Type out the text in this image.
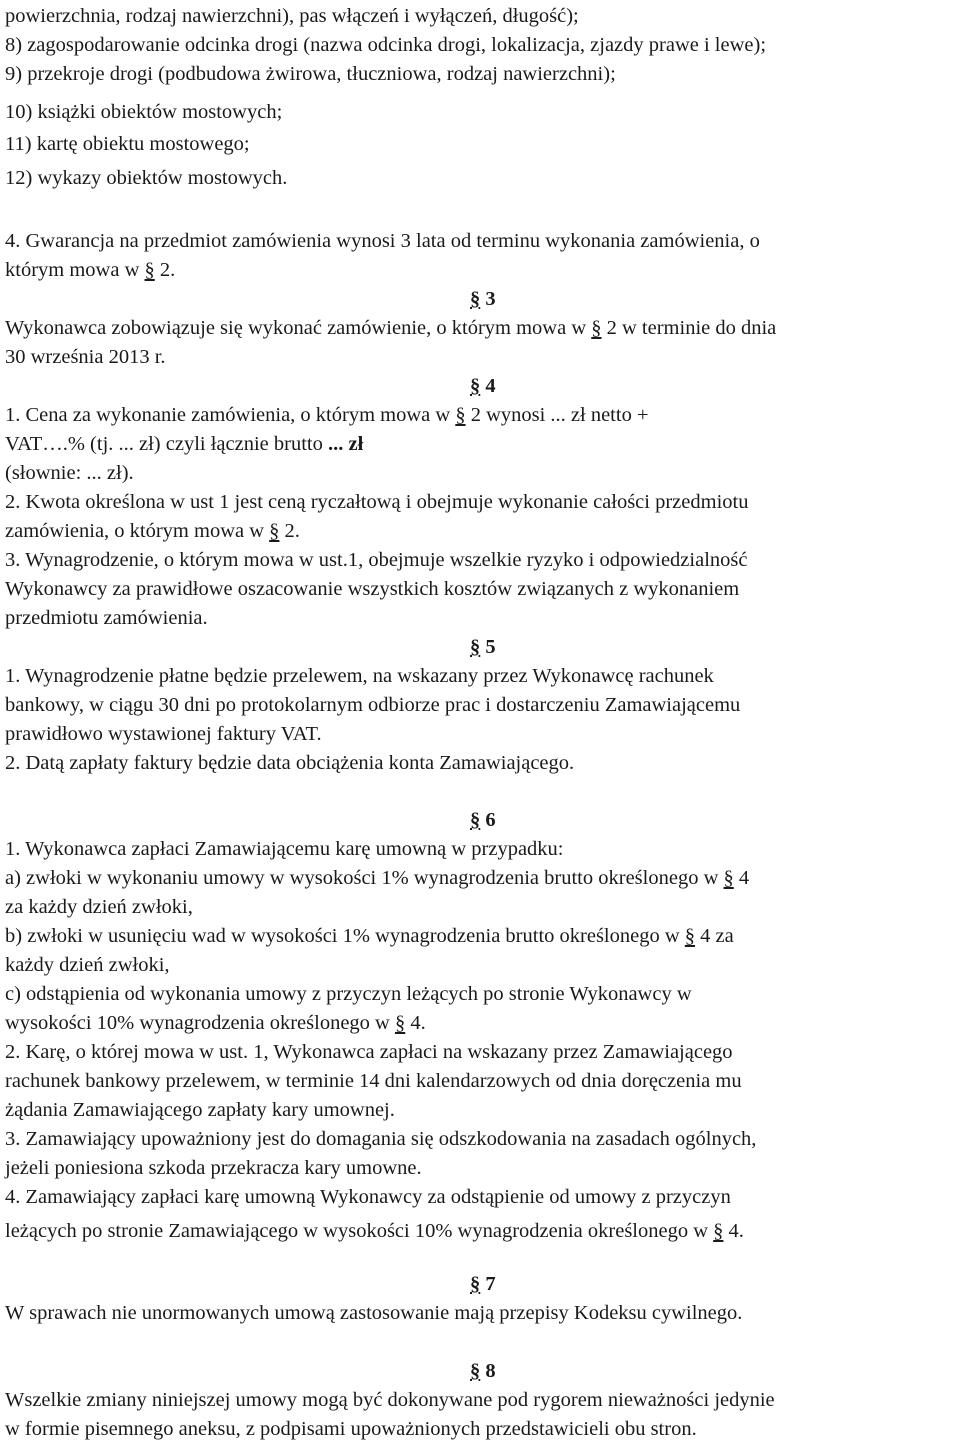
powierzchnia, rodzaj nawierzchni), pas włączeń i wyłączeń, długość);
8) zagospodarowanie odcinka drogi (nazwa odcinka drogi, lokalizacja, zjazdy prawe i lewe);
9) przekroje drogi (podbudowa żwirowa, tłuczniowa, rodzaj nawierzchni);
10) książki obiektów mostowych;
11) kartę obiektu mostowego;
12) wykazy obiektów mostowych.
4. Gwarancja na przedmiot zamówienia wynosi 3 lata od terminu wykonania zamówienia, o
którym mowa w § 2.
§ 3
Wykonawca zobowiązuje się wykonać zamówienie, o którym mowa w § 2 w terminie do dnia
30 września 2013 r.
§ 4
1. Cena za wykonanie zamówienia, o którym mowa w § 2 wynosi ... zł netto +
VAT….% (tj. ... zł) czyli łącznie brutto ... zł
(słownie: ... zł).
2. Kwota określona w ust 1 jest ceną ryczałtową i obejmuje wykonanie całości przedmiotu
zamówienia, o którym mowa w § 2.
3. Wynagrodzenie, o którym mowa w ust.1, obejmuje wszelkie ryzyko i odpowiedzialność
Wykonawcy za prawidłowe oszacowanie wszystkich kosztów związanych z wykonaniem
przedmiotu zamówienia.
§ 5
1. Wynagrodzenie płatne będzie przelewem, na wskazany przez Wykonawcę rachunek
bankowy, w ciągu 30 dni po protokolarnym odbiorze prac i dostarczeniu Zamawiającemu
prawidłowo wystawionej faktury VAT.
2. Datą zapłaty faktury będzie data obciążenia konta Zamawiającego.
§ 6
1. Wykonawca zapłaci Zamawiającemu karę umowną w przypadku:
a) zwłoki w wykonaniu umowy w wysokości 1% wynagrodzenia brutto określonego w § 4
za każdy dzień zwłoki,
b) zwłoki w usunięciu wad w wysokości 1% wynagrodzenia brutto określonego w § 4 za
każdy dzień zwłoki,
c) odstąpienia od wykonania umowy z przyczyn leżących po stronie Wykonawcy w
wysokości 10% wynagrodzenia określonego w § 4.
2. Karę, o której mowa w ust. 1, Wykonawca zapłaci na wskazany przez Zamawiającego
rachunek bankowy przelewem, w terminie 14 dni kalendarzowych od dnia doręczenia mu
żądania Zamawiającego zapłaty kary umownej.
3. Zamawiający upoważniony jest do domagania się odszkodowania na zasadach ogólnych,
jeżeli poniesiona szkoda przekracza kary umowne.
4. Zamawiający zapłaci karę umowną Wykonawcy za odstąpienie od umowy z przyczyn
leżących po stronie Zamawiającego w wysokości 10% wynagrodzenia określonego w § 4.
§ 7
W sprawach nie unormowanych umową zastosowanie mają przepisy Kodeksu cywilnego.
§ 8
Wszelkie zmiany niniejszej umowy mogą być dokonywane pod rygorem nieważności jedynie
w formie pisemnego aneksu, z podpisami upoważnionych przedstawicieli obu stron.
